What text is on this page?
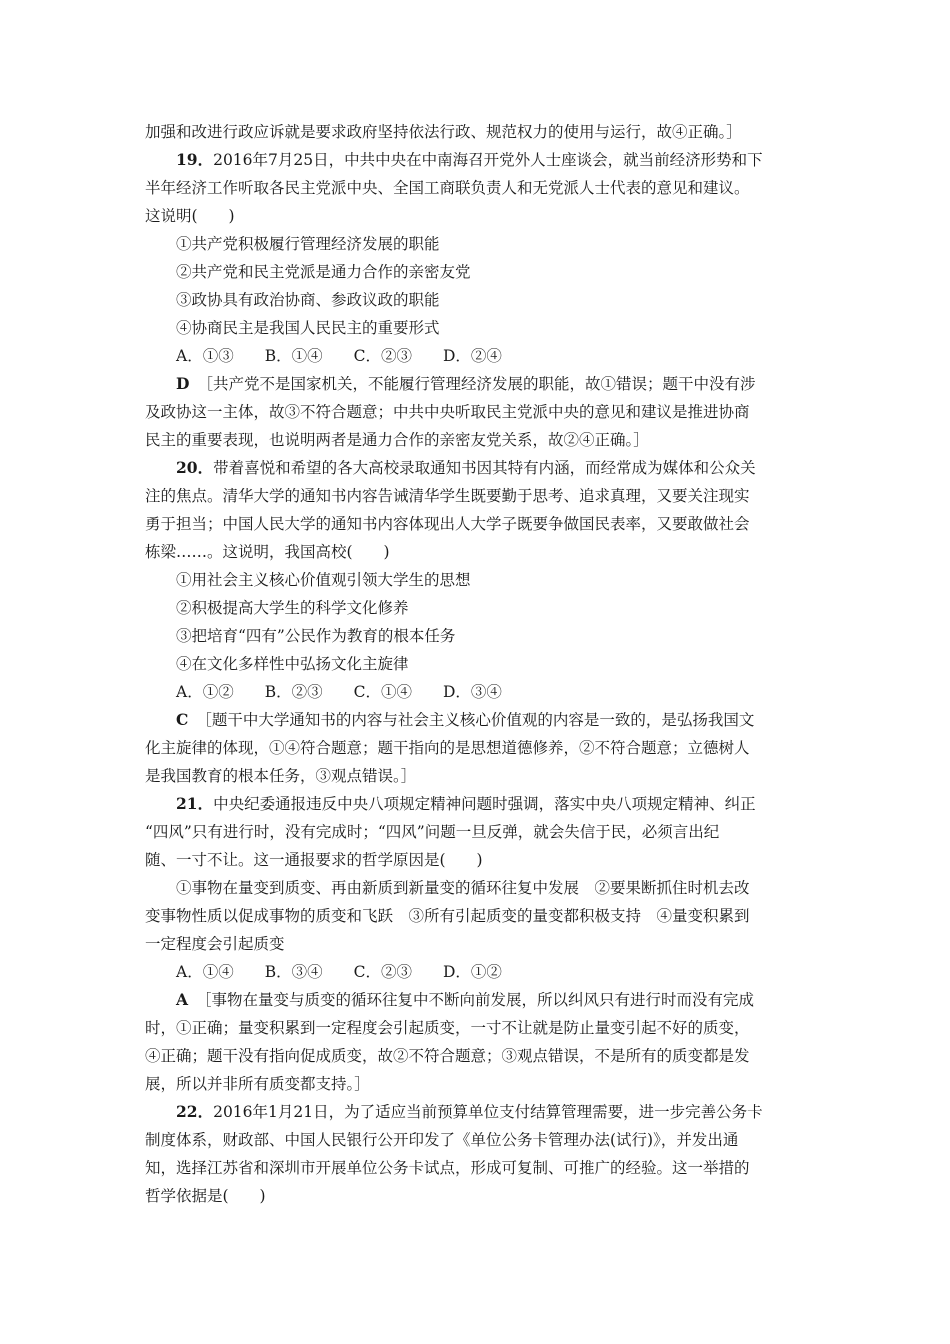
加强和改进行政应诉就是要求政府坚持依法行政、规范权力的使用与运行，故④正确。］
19．2016年7月25日，中共中央在中南海召开党外人士座谈会，就当前经济形势和下
半年经济工作听取各民主党派中央、全国工商联负责人和无党派人士代表的意见和建议。
这说明(　　)
①共产党积极履行管理经济发展的职能
②共产党和民主党派是通力合作的亲密友党
③政协具有政治协商、参政议政的职能
④协商民主是我国人民民主的重要形式
A．①③　　B．①④　　C．②③　　D．②④
D ［共产党不是国家机关，不能履行管理经济发展的职能，故①错误；题干中没有涉
及政协这一主体，故③不符合题意；中共中央听取民主党派中央的意见和建议是推进协商
民主的重要表现，也说明两者是通力合作的亲密友党关系，故②④正确。］
20．带着喜悦和希望的各大高校录取通知书因其特有内涵，而经常成为媒体和公众关
注的焦点。清华大学的通知书内容告诫清华学生既要勤于思考、追求真理，又要关注现实
勇于担当；中国人民大学的通知书内容体现出人大学子既要争做国民表率，又要敢做社会
栋梁……。这说明，我国高校(　　)
①用社会主义核心价值观引领大学生的思想
②积极提高大学生的科学文化修养
③把培育“四有”公民作为教育的根本任务
④在文化多样性中弘扬文化主旋律
A．①②　　B．②③　　C．①④　　D．③④
C ［题干中大学通知书的内容与社会主义核心价值观的内容是一致的，是弘扬我国文
化主旋律的体现，①④符合题意；题干指向的是思想道德修养，②不符合题意；立德树人
是我国教育的根本任务，③观点错误。］
21．中央纪委通报违反中央八项规定精神问题时强调，落实中央八项规定精神、纠正
“四风”只有进行时，没有完成时；“四风”问题一旦反弹，就会失信于民，必须言出纪
随、一寸不让。这一通报要求的哲学原因是(　　)
①事物在量变到质变、再由新质到新量变的循环往复中发展　②要果断抓住时机去改
变事物性质以促成事物的质变和飞跃　③所有引起质变的量变都积极支持　④量变积累到
一定程度会引起质变
A．①④　　B．③④　　C．②③　　D．①②
A ［事物在量变与质变的循环往复中不断向前发展，所以纠风只有进行时而没有完成
时，①正确；量变积累到一定程度会引起质变，一寸不让就是防止量变引起不好的质变，
④正确；题干没有指向促成质变，故②不符合题意；③观点错误，不是所有的质变都是发
展，所以并非所有质变都支持。］
22．2016年1月21日，为了适应当前预算单位支付结算管理需要，进一步完善公务卡
制度体系，财政部、中国人民银行公开印发了《单位公务卡管理办法(试行)》，并发出通
知，选择江苏省和深圳市开展单位公务卡试点，形成可复制、可推广的经验。这一举措的
哲学依据是(　　)
